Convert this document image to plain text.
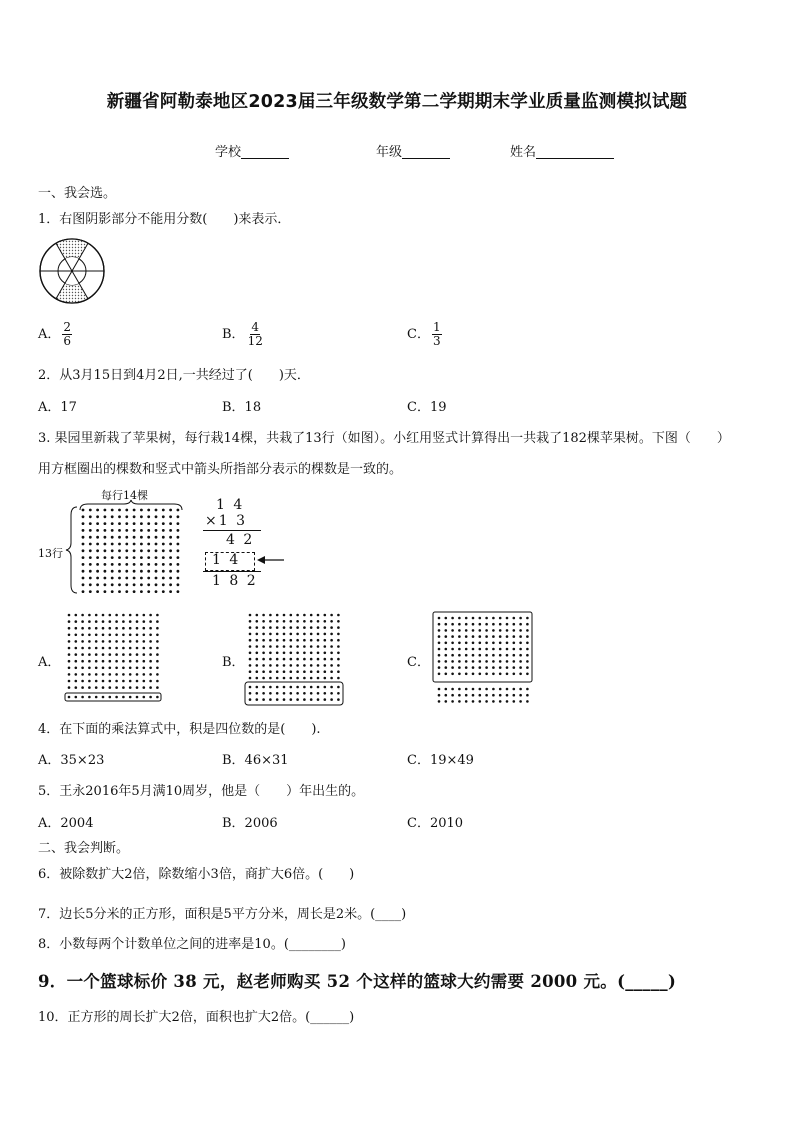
新疆省阿勒泰地区2023届三年级数学第二学期期末学业质量监测模拟试题
学校	年级	姓名
一、我会选。
1．右图阴影部分不能用分数(　　)来表示．
A． $\frac{2}{6}$	B． $\frac{4}{12}$	C． $\frac{1}{3}$
2．从3月15日到4月2日,一共经过了(　　)天．
A．17	B．18	C．19
3. 果园里新栽了苹果树，每行栽14棵，共栽了13行（如图）。小红用竖式计算得出一共栽了182棵苹果树。下图（　　）
用方框圈出的棵数和竖式中箭头所指部分表示的棵数是一致的。
每行14棵
13行
1 4
×1 3
4 2
1 4
1 8 2
A．	B．	C．
4．在下面的乘法算式中，积是四位数的是(　　).
A．35×23	B．46×31	C．19×49
5．王永2016年5月满10周岁，他是（　　）年出生的。
A．2004	B．2006	C．2010
二、我会判断。
6．被除数扩大2倍，除数缩小3倍，商扩大6倍。(　　)
7．边长5分米的正方形，面积是5平方分米，周长是2米。(____)
8．小数每两个计数单位之间的进率是10。(________)
9．一个篮球标价 38 元，赵老师购买 52 个这样的篮球大约需要 2000 元。(_____)
10．正方形的周长扩大2倍，面积也扩大2倍。(______)
